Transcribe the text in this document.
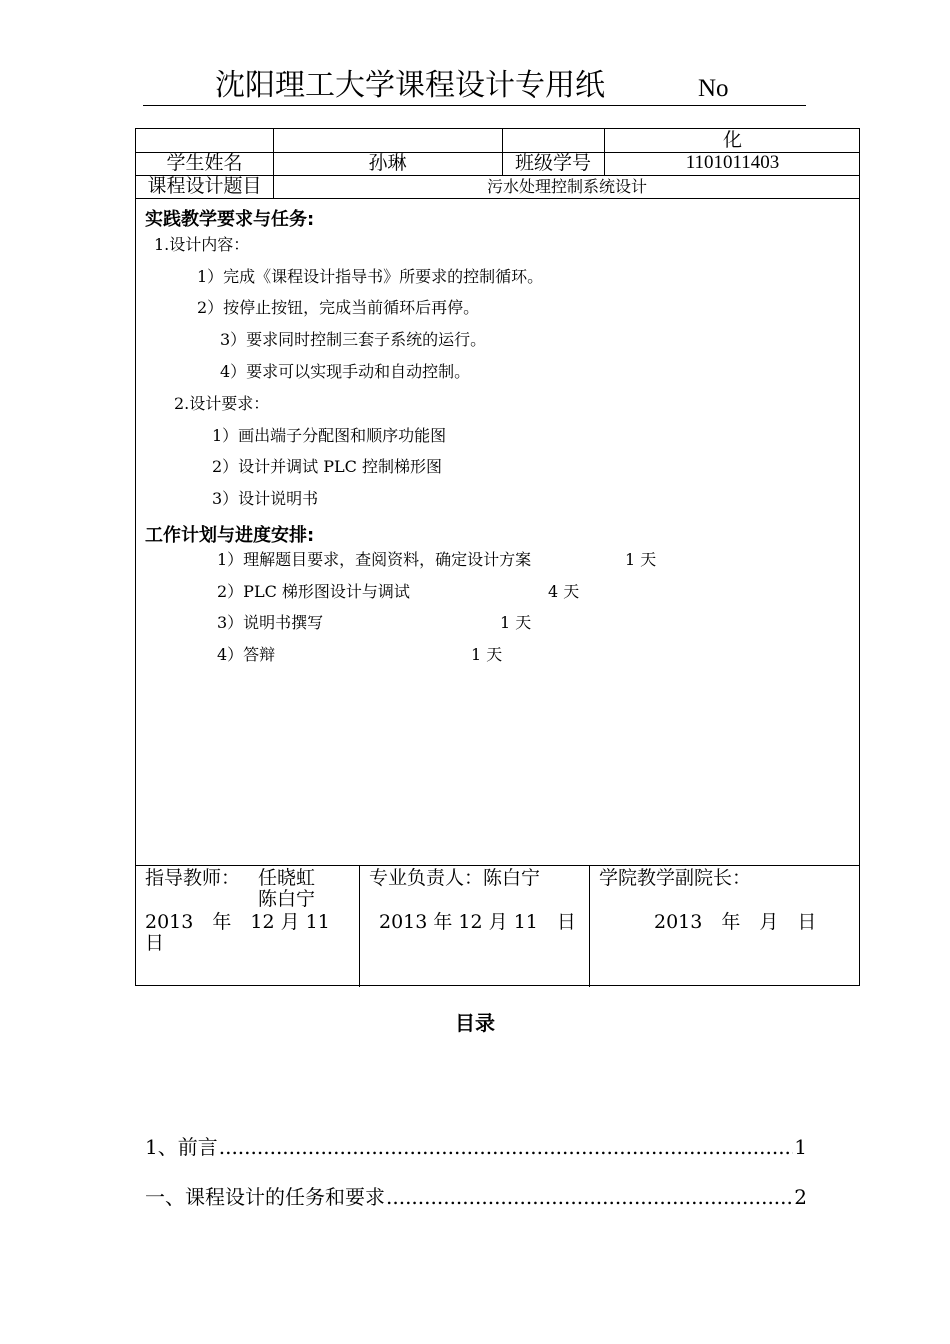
沈阳理工大学课程设计专用纸	No
化
学生姓名	孙琳	班级学号	1101011403
课程设计题目	污水处理控制系统设计
实践教学要求与任务:
1.设计内容：
1）完成《课程设计指导书》所要求的控制循环。
2）按停止按钮，完成当前循环后再停。
3）要求同时控制三套子系统的运行。
4）要求可以实现手动和自动控制。
2.设计要求：
1）画出端子分配图和顺序功能图
2）设计并调试 PLC 控制梯形图
3）设计说明书
工作计划与进度安排:
1）理解题目要求，查阅资料，确定设计方案	1 天
2）PLC 梯形图设计与调试	4 天
3）说明书撰写	1 天
4）答辩	1 天
指导教师： 任晓虹
陈白宁
2013　年　12 月 11
日
专业负责人：陈白宁
2013 年 12 月 11　日
学院教学副院长：
2013　年　月　日
目录
1、前言 .....	1
一、课程设计的任务和要求 .....	2
